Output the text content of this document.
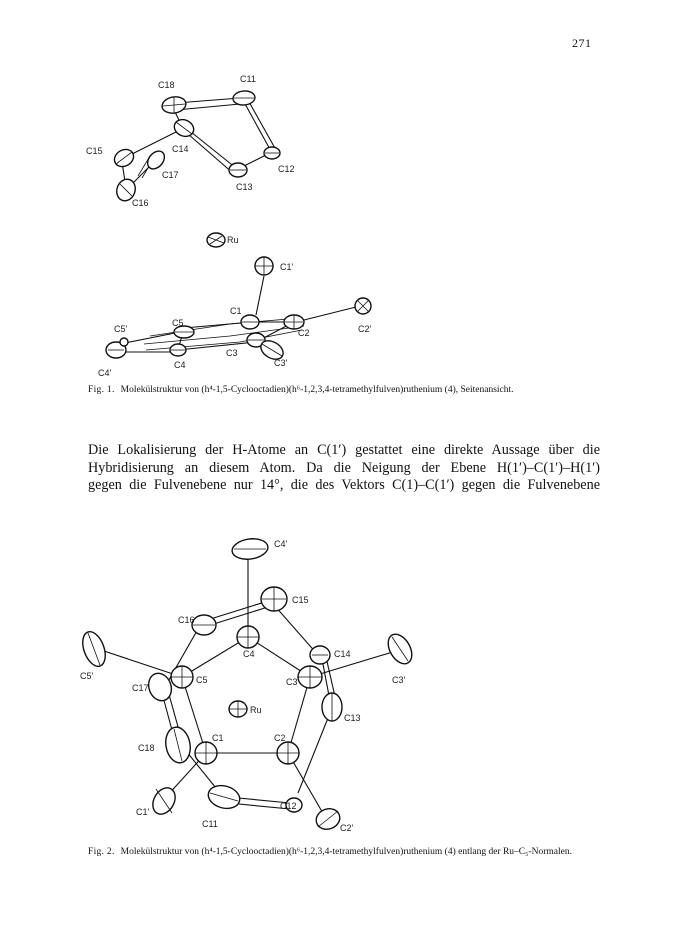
271
C18
C11
C14
C15
C12
C17
C13
C16
Ru
C1'
C1
C5
C5'	C2	C2'
C4
C3
C3'
C4'
Fig. 1. Molekülstruktur von (h⁴-1,5-Cyclooctadien)(h⁶-1,2,3,4-tetramethylfulven)ruthenium (4), Seitenansicht.
Die Lokalisierung der H-Atome an C(1′) gestattet eine direkte Aussage über die
Hybridisierung an diesem Atom. Da die Neigung der Ebene H(1′)–C(1′)–H(1′)
gegen die Fulvenebene nur 14°, die des Vektors C(1)–C(1′) gegen die Fulvenebene
C4'
C15
C16
C4	C14
C5'	C5	C3	C3'
C17
Ru
C13
C18
C1	C2
C12
C1'
C11	C2'
Fig. 2. Molekülstruktur von (h⁴-1,5-Cyclooctadien)(h⁶-1,2,3,4-tetramethylfulven)ruthenium (4) entlang der Ru–C₅-Normalen.
